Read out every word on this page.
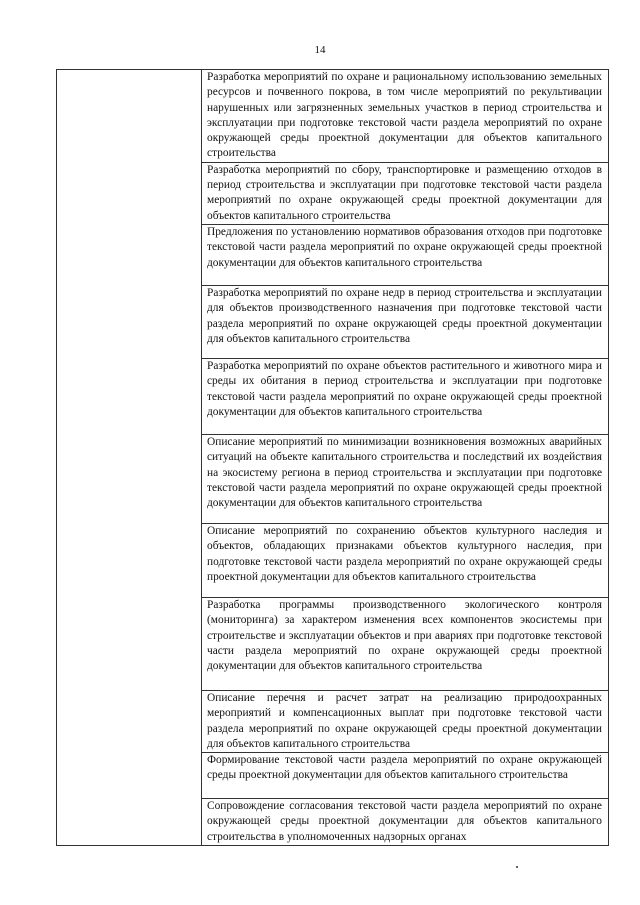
14

Разработка мероприятий по охране и рациональному использованию земельных ресурсов и почвенного покрова, в том числе мероприятий по рекультивации нарушенных или загрязненных земельных участков в период строительства и эксплуатации при подготовке текстовой части раздела мероприятий по охране окружающей среды проектной документации для объектов капитального строительства

Разработка мероприятий по сбору, транспортировке и размещению отходов в период строительства и эксплуатации при подготовке текстовой части раздела мероприятий по охране окружающей среды проектной документации для объектов капитального строительства

Предложения по установлению нормативов образования отходов при подготовке текстовой части раздела мероприятий по охране окружающей среды проектной документации для объектов капитального строительства

Разработка мероприятий по охране недр в период строительства и эксплуатации для объектов производственного назначения при подготовке текстовой части раздела мероприятий по охране окружающей среды проектной документации для объектов капитального строительства

Разработка мероприятий по охране объектов растительного и животного мира и среды их обитания в период строительства и эксплуатации при подготовке текстовой части раздела мероприятий по охране окружающей среды проектной документации для объектов капитального строительства

Описание мероприятий по минимизации возникновения возможных аварийных ситуаций на объекте капитального строительства и последствий их воздействия на экосистему региона в период строительства и эксплуатации при подготовке текстовой части раздела мероприятий по охране окружающей среды проектной документации для объектов капитального строительства

Описание мероприятий по сохранению объектов культурного наследия и объектов, обладающих признаками объектов культурного наследия, при подготовке текстовой части раздела мероприятий по охране окружающей среды проектной документации для объектов капитального строительства

Разработка программы производственного экологического контроля (мониторинга) за характером изменения всех компонентов экосистемы при строительстве и эксплуатации объектов и при авариях при подготовке текстовой части раздела мероприятий по охране окружающей среды проектной документации для объектов капитального строительства

Описание перечня и расчет затрат на реализацию природоохранных мероприятий и компенсационных выплат при подготовке текстовой части раздела мероприятий по охране окружающей среды проектной документации для объектов капитального строительства

Формирование текстовой части раздела мероприятий по охране окружающей среды проектной документации для объектов капитального строительства

Сопровождение согласования текстовой части раздела мероприятий по охране окружающей среды проектной документации для объектов капитального строительства в уполномоченных надзорных органах
